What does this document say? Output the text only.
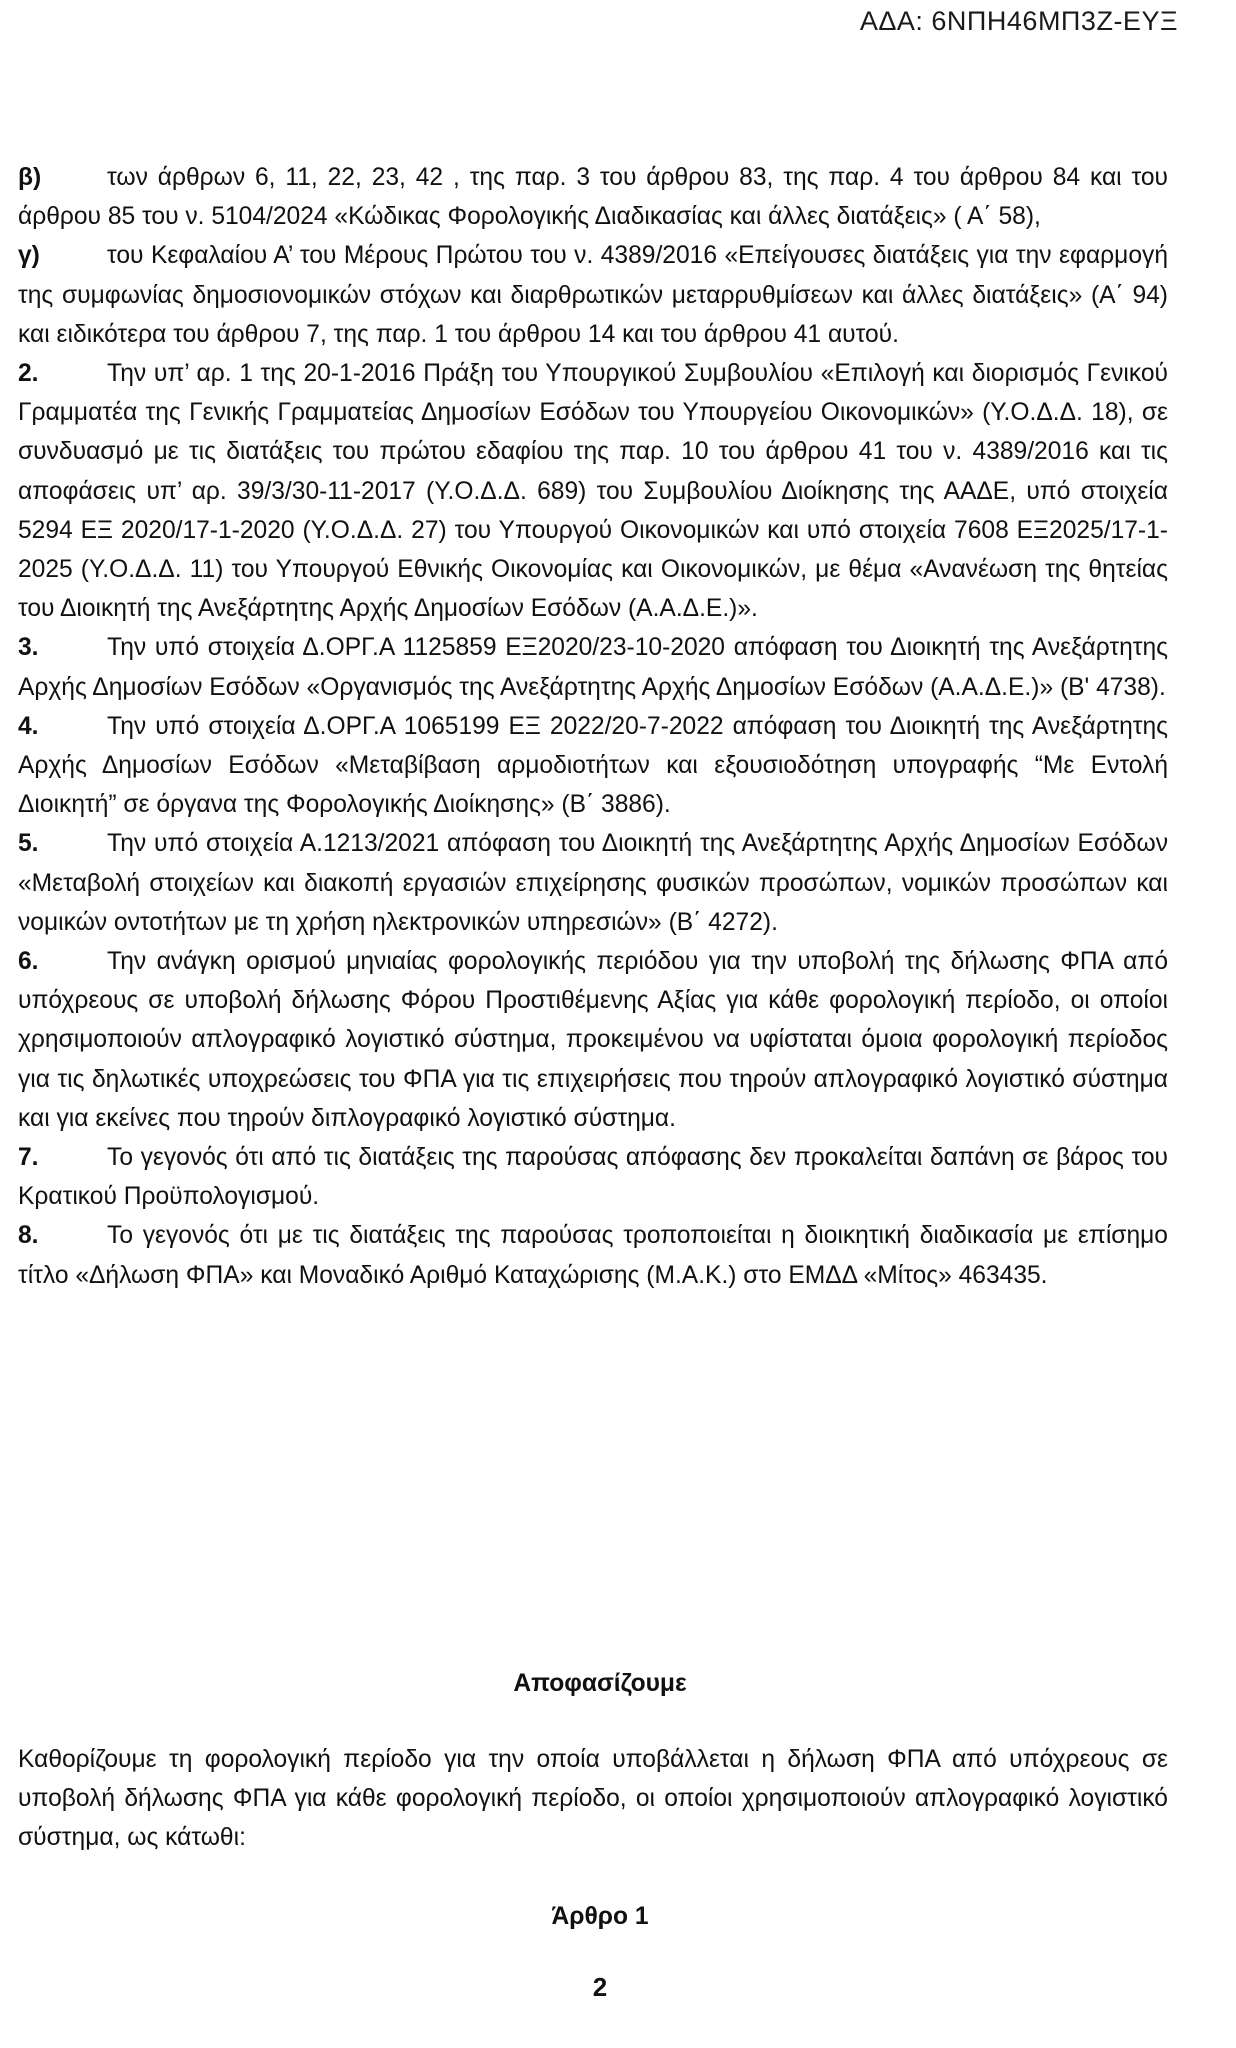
ΑΔΑ: 6ΝΠΗ46ΜΠ3Ζ-ΕΥΞ

β)	των άρθρων 6, 11, 22, 23, 42 , της παρ. 3 του άρθρου 83, της παρ. 4 του άρθρου 84 και του άρθρου 85 του ν. 5104/2024 «Κώδικας Φορολογικής Διαδικασίας και άλλες διατάξεις» ( Α΄ 58),

γ)	του Κεφαλαίου Α’ του Μέρους Πρώτου του ν. 4389/2016 «Επείγουσες διατάξεις για την εφαρμογή της συμφωνίας δημοσιονομικών στόχων και διαρθρωτικών μεταρρυθμίσεων και άλλες διατάξεις» (Α΄ 94) και ειδικότερα του άρθρου 7, της παρ. 1 του άρθρου 14 και του άρθρου 41 αυτού.

2.	Την υπ’ αρ. 1 της 20-1-2016 Πράξη του Υπουργικού Συμβουλίου «Επιλογή και διορισμός Γενικού Γραμματέα της Γενικής Γραμματείας Δημοσίων Εσόδων του Υπουργείου Οικονομικών» (Υ.Ο.Δ.Δ. 18), σε συνδυασμό με τις διατάξεις του πρώτου εδαφίου της παρ. 10 του άρθρου 41 του ν. 4389/2016 και τις αποφάσεις υπ’ αρ. 39/3/30-11-2017 (Υ.Ο.Δ.Δ. 689) του Συμβουλίου Διοίκησης της ΑΑΔΕ, υπό στοιχεία 5294 ΕΞ 2020/17-1-2020 (Υ.Ο.Δ.Δ. 27) του Υπουργού Οικονομικών και υπό στοιχεία 7608 ΕΞ2025/17-1-2025 (Υ.Ο.Δ.Δ. 11) του Υπουργού Εθνικής Οικονομίας και Οικονομικών, με θέμα «Ανανέωση της θητείας του Διοικητή της Ανεξάρτητης Αρχής Δημοσίων Εσόδων (Α.Α.Δ.Ε.)».

3.	Την υπό στοιχεία Δ.ΟΡΓ.Α 1125859 ΕΞ2020/23-10-2020 απόφαση του Διοικητή της Ανεξάρτητης Αρχής Δημοσίων Εσόδων «Οργανισμός της Ανεξάρτητης Αρχής Δημοσίων Εσόδων (Α.Α.Δ.Ε.)» (Β' 4738).

4.	Την υπό στοιχεία Δ.ΟΡΓ.Α 1065199 ΕΞ 2022/20-7-2022 απόφαση του Διοικητή της Ανεξάρτητης Αρχής Δημοσίων Εσόδων «Μεταβίβαση αρμοδιοτήτων και εξουσιοδότηση υπογραφής “Με Εντολή Διοικητή” σε όργανα της Φορολογικής Διοίκησης» (Β΄ 3886).

5.	Την υπό στοιχεία Α.1213/2021 απόφαση του Διοικητή της Ανεξάρτητης Αρχής Δημοσίων Εσόδων «Μεταβολή στοιχείων και διακοπή εργασιών επιχείρησης φυσικών προσώπων, νομικών προσώπων και νομικών οντοτήτων με τη χρήση ηλεκτρονικών υπηρεσιών» (Β΄ 4272).

6.	Την ανάγκη ορισμού μηνιαίας φορολογικής περιόδου για την υποβολή της δήλωσης ΦΠΑ από υπόχρεους σε υποβολή δήλωσης Φόρου Προστιθέμενης Αξίας για κάθε φορολογική περίοδο, οι οποίοι χρησιμοποιούν απλογραφικό λογιστικό σύστημα, προκειμένου να υφίσταται όμοια φορολογική περίοδος για τις δηλωτικές υποχρεώσεις του ΦΠΑ για τις επιχειρήσεις που τηρούν απλογραφικό λογιστικό σύστημα και για εκείνες που τηρούν διπλογραφικό λογιστικό σύστημα.

7.	Το γεγονός ότι από τις διατάξεις της παρούσας απόφασης δεν προκαλείται δαπάνη σε βάρος του Κρατικού Προϋπολογισμού.

8.	Το γεγονός ότι με τις διατάξεις της παρούσας τροποποιείται η διοικητική διαδικασία με επίσημο τίτλο «Δήλωση ΦΠΑ» και Μοναδικό Αριθμό Καταχώρισης (Μ.Α.Κ.) στο ΕΜΔΔ «Μίτος» 463435.

Αποφασίζουμε

Καθορίζουμε τη φορολογική περίοδο για την οποία υποβάλλεται η δήλωση ΦΠΑ από υπόχρεους σε υποβολή δήλωσης ΦΠΑ για κάθε φορολογική περίοδο, οι οποίοι χρησιμοποιούν απλογραφικό λογιστικό σύστημα, ως κάτωθι:

Άρθρο 1
2
